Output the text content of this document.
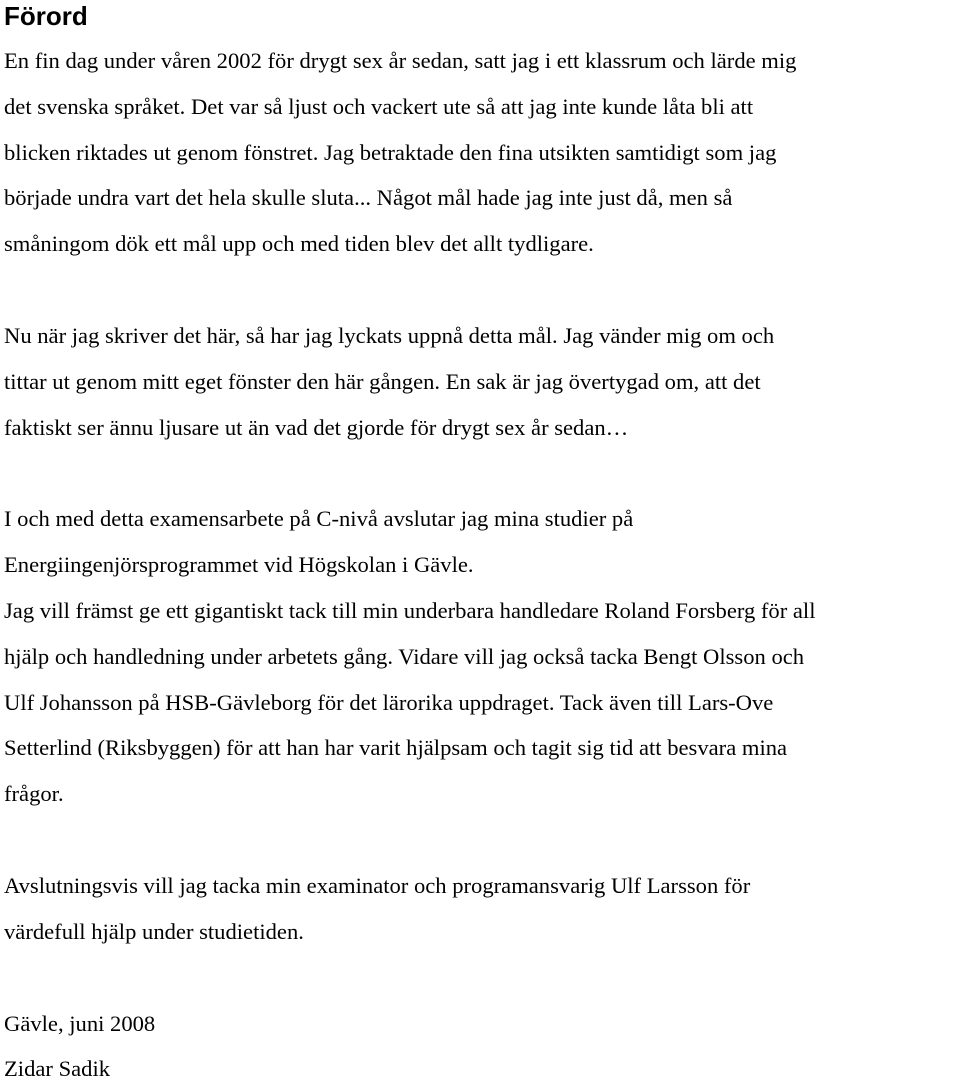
Förord
En fin dag under våren 2002 för drygt sex år sedan, satt jag i ett klassrum och lärde mig
det svenska språket. Det var så ljust och vackert ute så att jag inte kunde låta bli att
blicken riktades ut genom fönstret. Jag betraktade den fina utsikten samtidigt som jag
började undra vart det hela skulle sluta... Något mål hade jag inte just då, men så
småningom dök ett mål upp och med tiden blev det allt tydligare.
Nu när jag skriver det här, så har jag lyckats uppnå detta mål. Jag vänder mig om och
tittar ut genom mitt eget fönster den här gången. En sak är jag övertygad om, att det
faktiskt ser ännu ljusare ut än vad det gjorde för drygt sex år sedan…
I och med detta examensarbete på C-nivå avslutar jag mina studier på
Energiingenjörsprogrammet vid Högskolan i Gävle.
Jag vill främst ge ett gigantiskt tack till min underbara handledare Roland Forsberg för all
hjälp och handledning under arbetets gång. Vidare vill jag också tacka Bengt Olsson och
Ulf Johansson på HSB-Gävleborg för det lärorika uppdraget. Tack även till Lars-Ove
Setterlind (Riksbyggen) för att han har varit hjälpsam och tagit sig tid att besvara mina
frågor.
Avslutningsvis vill jag tacka min examinator och programansvarig Ulf Larsson för
värdefull hjälp under studietiden.
Gävle, juni 2008
Zidar Sadik
